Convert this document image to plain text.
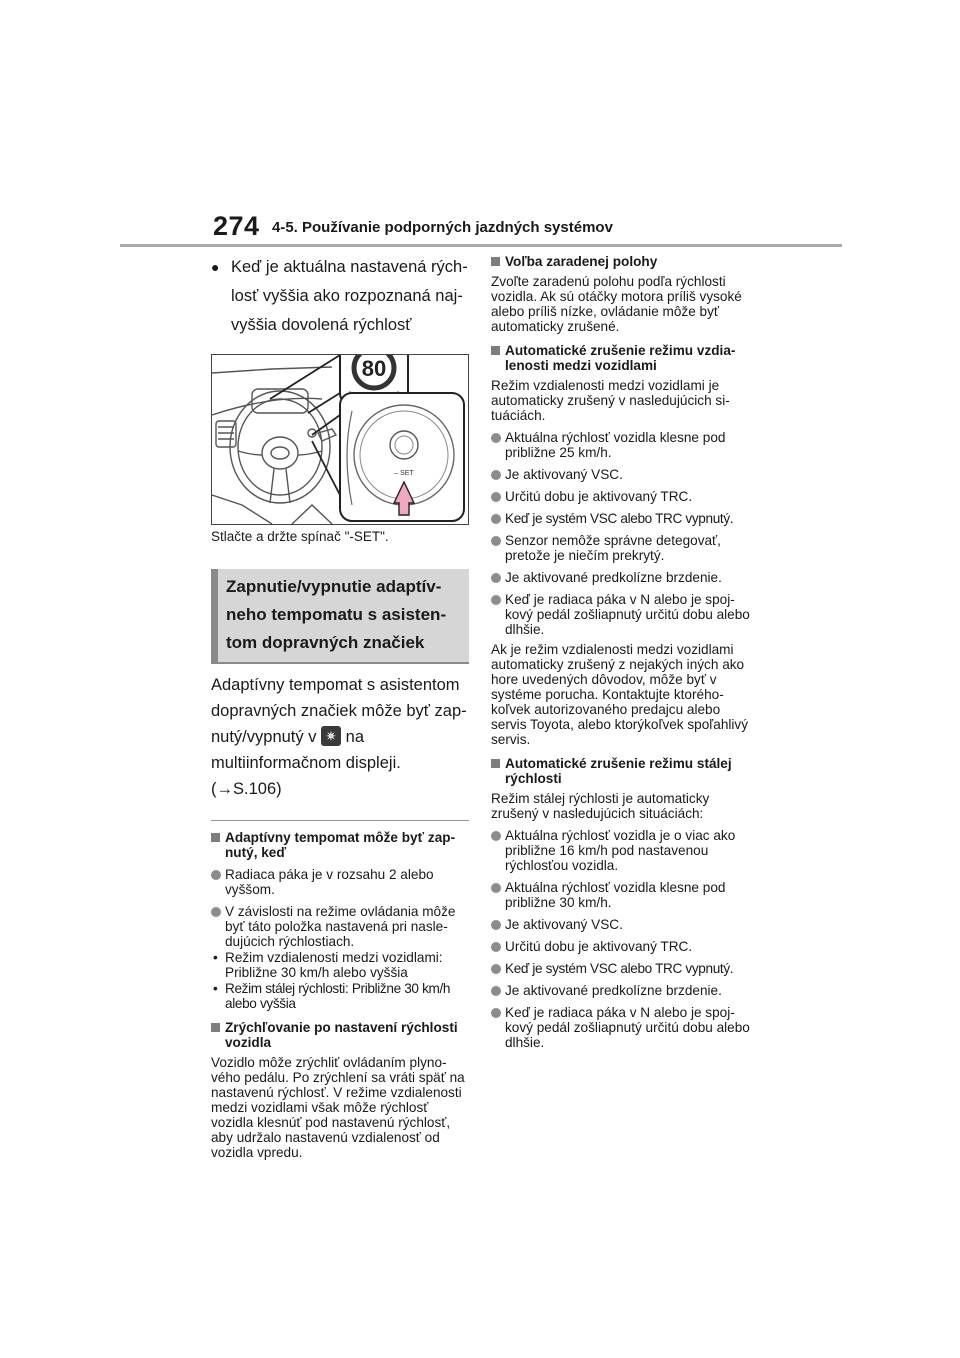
274 4-5. Používanie podporných jazdných systémov
● Keď je aktuálna nastavená rýchlosť vyššia ako rozpoznaná najvyššia dovolená rýchlosť
80
– SET
Stlačte a držte spínač "-SET".
Zapnutie/vypnutie adaptívneho tempomatu s asistentom dopravných značiek
Adaptívny tempomat s asistentom dopravných značiek môže byť zapnutý/vypnutý v ✷ na multiinformačnom displeji. (→S.106)
Adaptívny tempomat môže byť zapnutý, keď
Radiaca páka je v rozsahu 2 alebo vyššom.
V závislosti na režime ovládania môže byť táto položka nastavená pri nasledujúcich rýchlostiach.
• Režim vzdialenosti medzi vozidlami: Približne 30 km/h alebo vyššia
• Režim stálej rýchlosti: Približne 30 km/h alebo vyššia
Zrýchľovanie po nastavení rýchlosti vozidla
Vozidlo môže zrýchliť ovládaním plynového pedálu. Po zrýchlení sa vráti späť na nastavenú rýchlosť. V režime vzdialenosti medzi vozidlami však môže rýchlosť vozidla klesnúť pod nastavenú rýchlosť, aby udržalo nastavenú vzdialenosť od vozidla vpredu.
Voľba zaradenej polohy
Zvoľte zaradenú polohu podľa rýchlosti vozidla. Ak sú otáčky motora príliš vysoké alebo príliš nízke, ovládanie môže byť automaticky zrušené.
Automatické zrušenie režimu vzdialenosti medzi vozidlami
Režim vzdialenosti medzi vozidlami je automaticky zrušený v nasledujúcich situáciách.
Aktuálna rýchlosť vozidla klesne pod približne 25 km/h.
Je aktivovaný VSC.
Určitú dobu je aktivovaný TRC.
Keď je systém VSC alebo TRC vypnutý.
Senzor nemôže správne detegovať, pretože je niečím prekrytý.
Je aktivované predkolízne brzdenie.
Keď je radiaca páka v N alebo je spojkový pedál zošliapnutý určitú dobu alebo dlhšie.
Ak je režim vzdialenosti medzi vozidlami automaticky zrušený z nejakých iných ako hore uvedených dôvodov, môže byť v systéme porucha. Kontaktujte ktoréhokoľvek autorizovaného predajcu alebo servis Toyota, alebo ktorýkoľvek spoľahlivý servis.
Automatické zrušenie režimu stálej rýchlosti
Režim stálej rýchlosti je automaticky zrušený v nasledujúcich situáciách:
Aktuálna rýchlosť vozidla je o viac ako približne 16 km/h pod nastavenou rýchlosťou vozidla.
Aktuálna rýchlosť vozidla klesne pod približne 30 km/h.
Je aktivovaný VSC.
Určitú dobu je aktivovaný TRC.
Keď je systém VSC alebo TRC vypnutý.
Je aktivované predkolízne brzdenie.
Keď je radiaca páka v N alebo je spojkový pedál zošliapnutý určitú dobu alebo dlhšie.
